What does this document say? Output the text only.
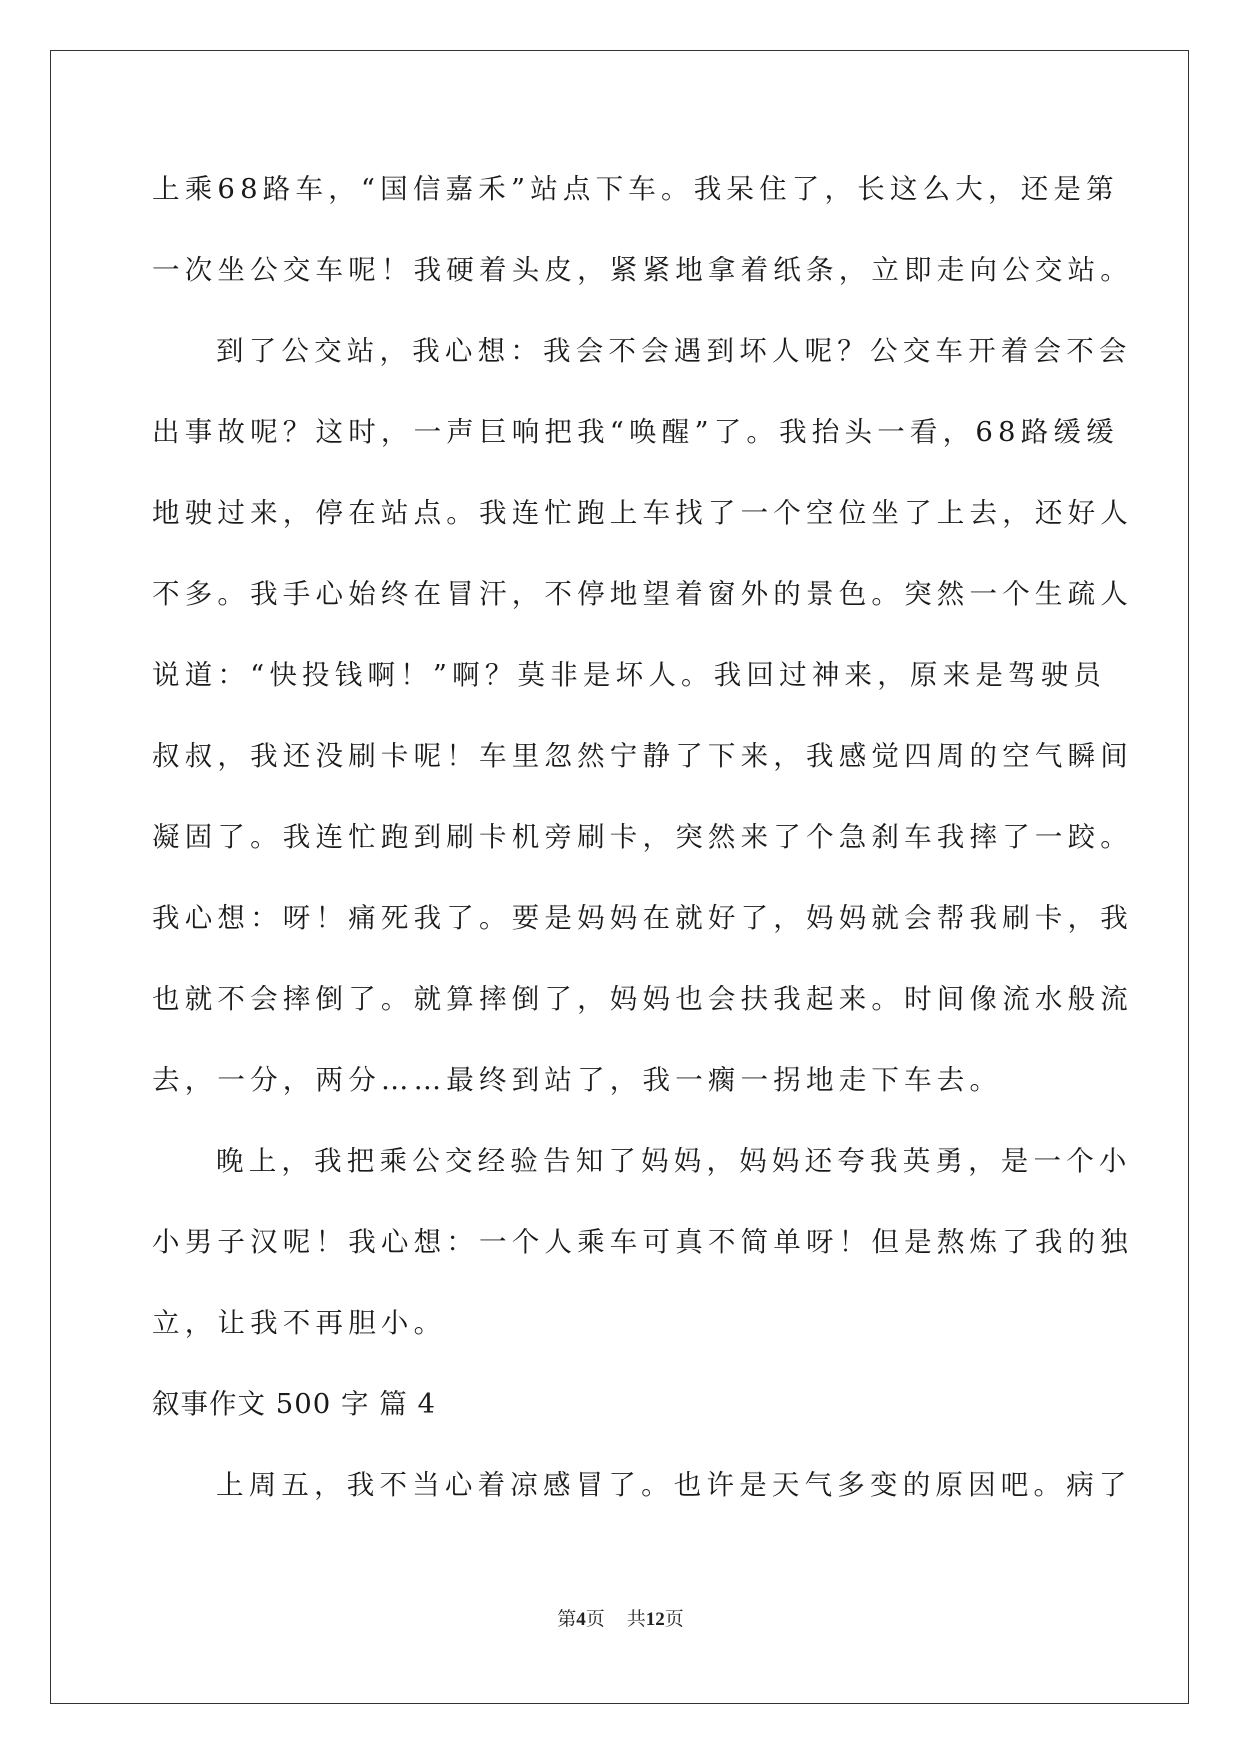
上乘68路车，“国信嘉禾”站点下车。我呆住了，长这么大，还是第
一次坐公交车呢！我硬着头皮，紧紧地拿着纸条，立即走向公交站。
到了公交站，我心想：我会不会遇到坏人呢？公交车开着会不会
出事故呢？这时，一声巨响把我“唤醒”了。我抬头一看，68路缓缓
地驶过来，停在站点。我连忙跑上车找了一个空位坐了上去，还好人
不多。我手心始终在冒汗，不停地望着窗外的景色。突然一个生疏人
说道：“快投钱啊！”啊？莫非是坏人。我回过神来，原来是驾驶员
叔叔，我还没刷卡呢！车里忽然宁静了下来，我感觉四周的空气瞬间
凝固了。我连忙跑到刷卡机旁刷卡，突然来了个急刹车我摔了一跤。
我心想：呀！痛死我了。要是妈妈在就好了，妈妈就会帮我刷卡，我
也就不会摔倒了。就算摔倒了，妈妈也会扶我起来。时间像流水般流
去，一分，两分……最终到站了，我一瘸一拐地走下车去。
晚上，我把乘公交经验告知了妈妈，妈妈还夸我英勇，是一个小
小男子汉呢！我心想：一个人乘车可真不简单呀！但是熬炼了我的独
立，让我不再胆小。
叙事作文 500 字 篇 4
上周五，我不当心着凉感冒了。也许是天气多变的原因吧。病了
第4页 共12页
